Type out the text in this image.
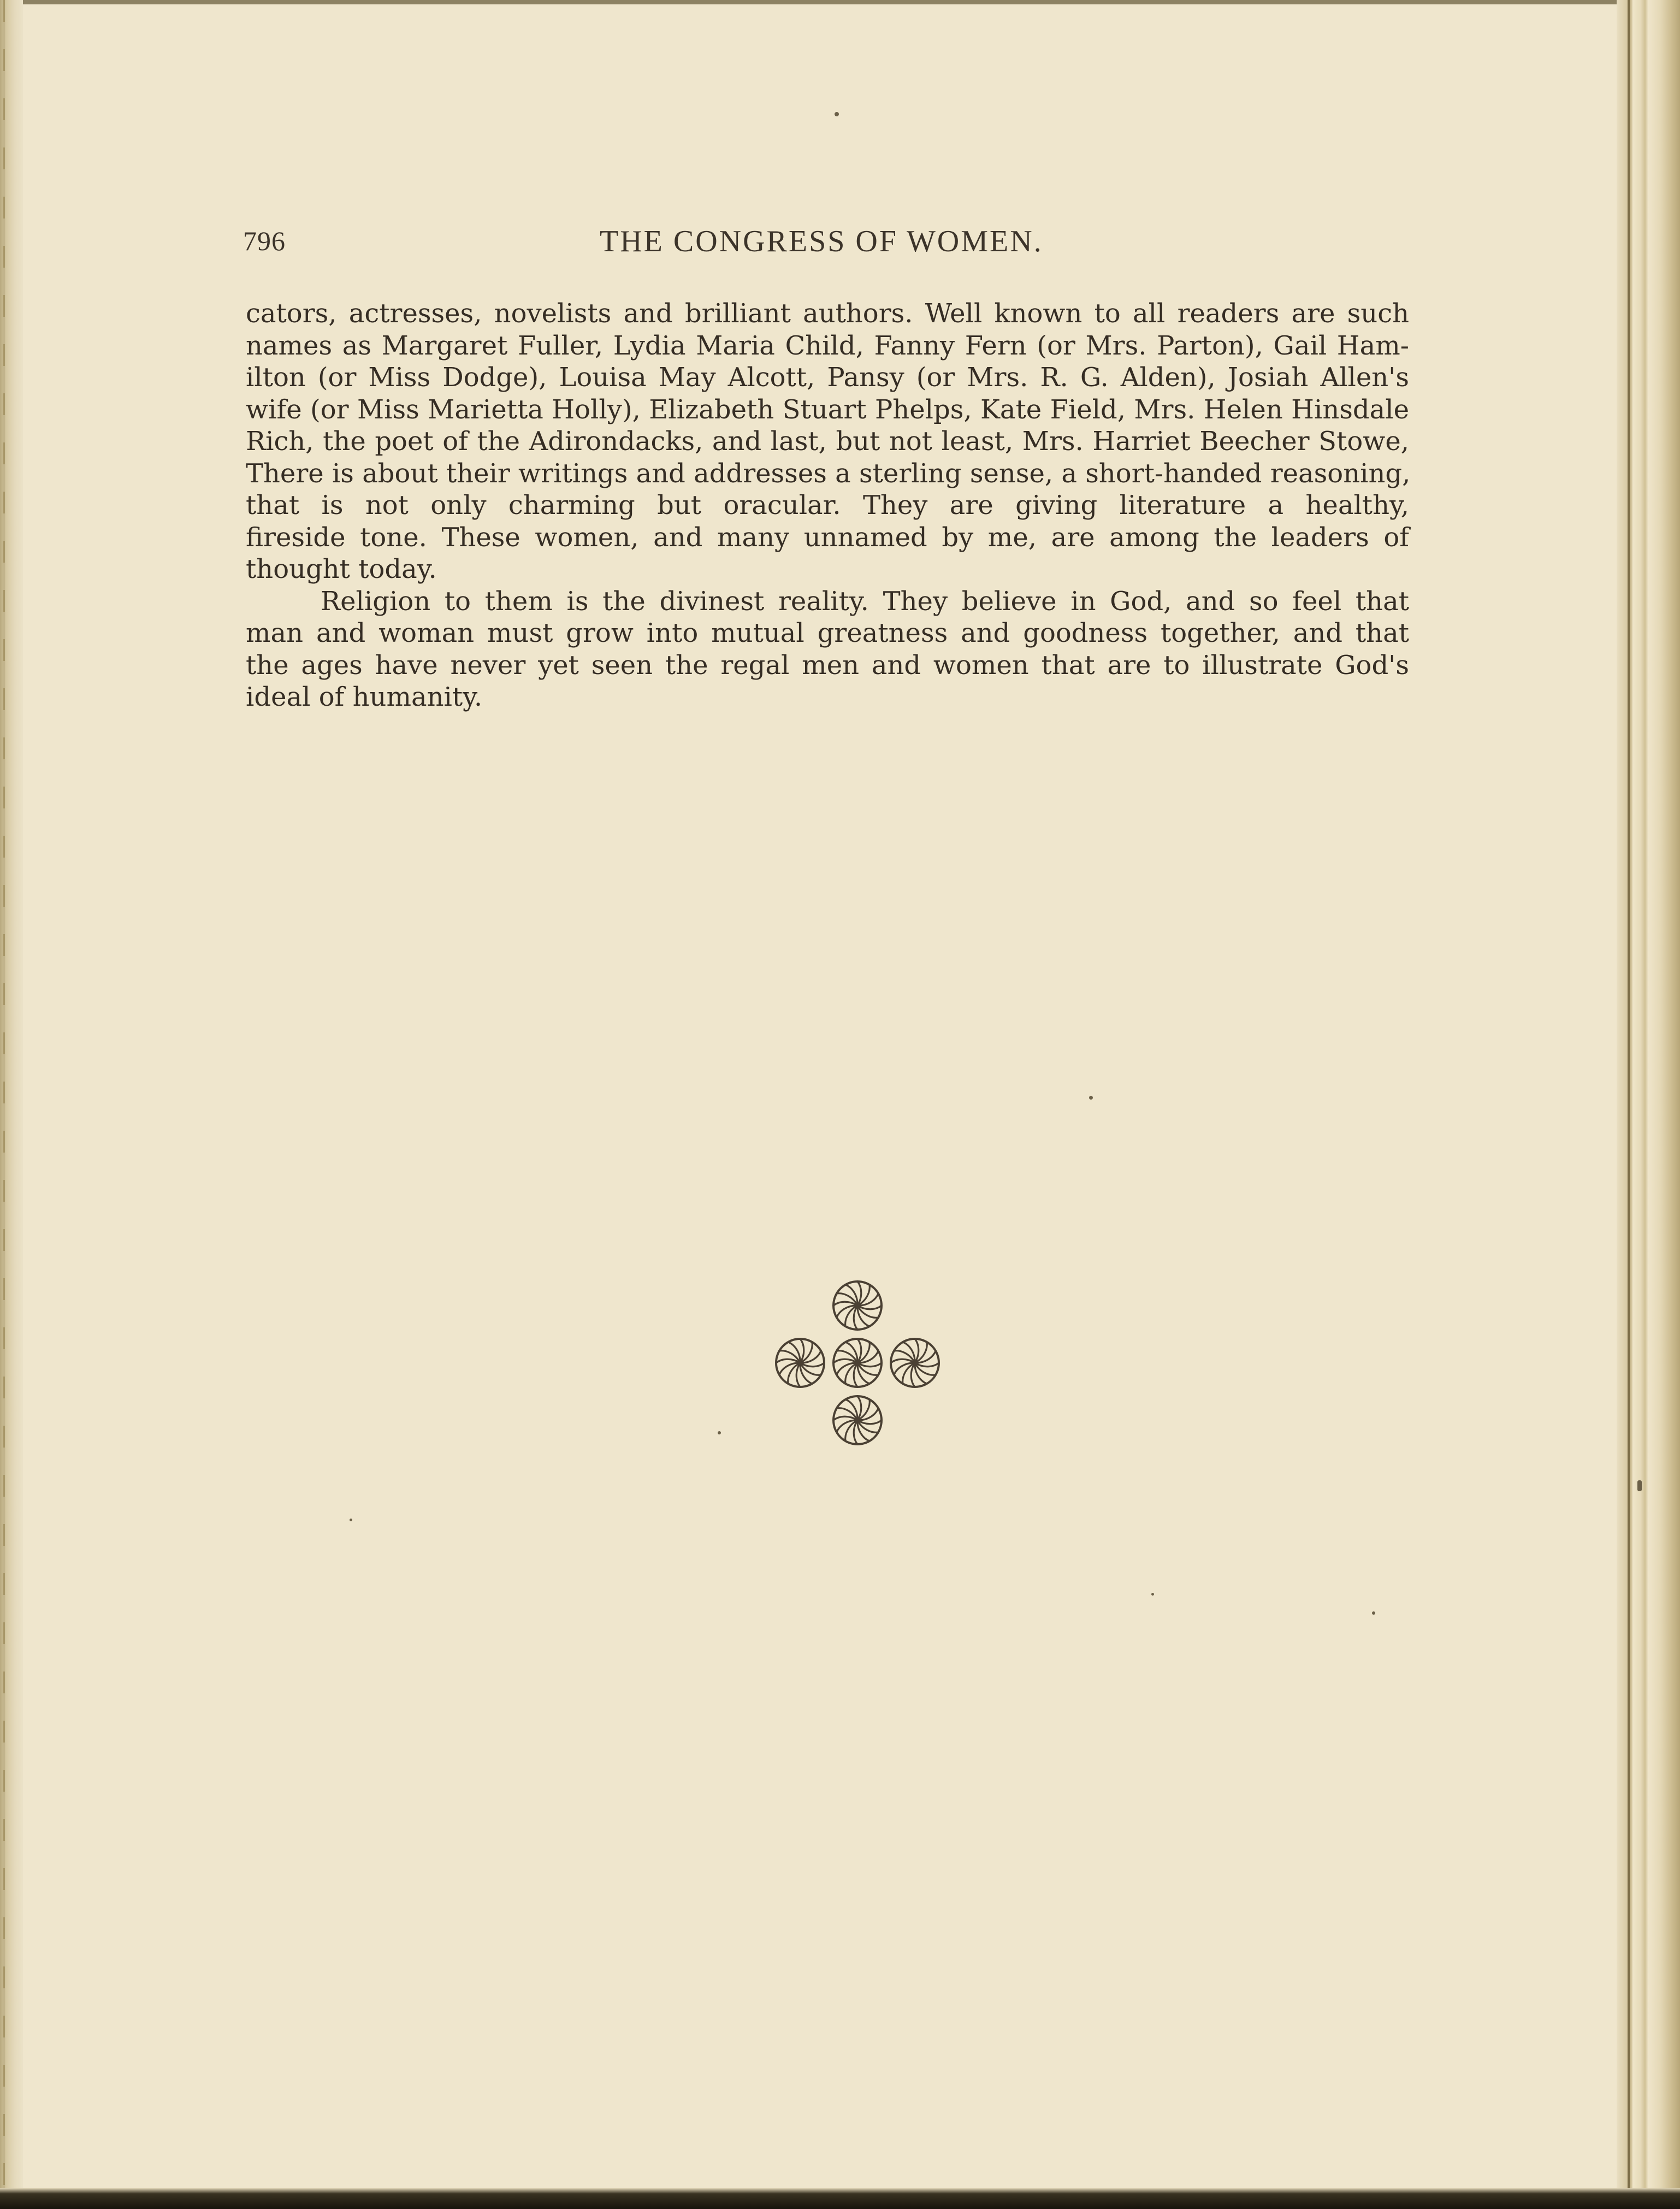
796	THE CONGRESS OF WOMEN.
cators, actresses, novelists and brilliant authors. Well known to all readers are such
names as Margaret Fuller, Lydia Maria Child, Fanny Fern (or Mrs. Parton), Gail Ham-
ilton (or Miss Dodge), Louisa May Alcott, Pansy (or Mrs. R. G. Alden), Josiah Allen's
wife (or Miss Marietta Holly), Elizabeth Stuart Phelps, Kate Field, Mrs. Helen Hinsdale
Rich, the poet of the Adirondacks, and last, but not least, Mrs. Harriet Beecher Stowe,
There is about their writings and addresses a sterling sense, a short-handed reasoning,
that is not only charming but oracular. They are giving literature a healthy,
fireside tone. These women, and many unnamed by me, are among the leaders of
thought today.
Religion to them is the divinest reality. They believe in God, and so feel that
man and woman must grow into mutual greatness and goodness together, and that
the ages have never yet seen the regal men and women that are to illustrate God's
ideal of humanity.
